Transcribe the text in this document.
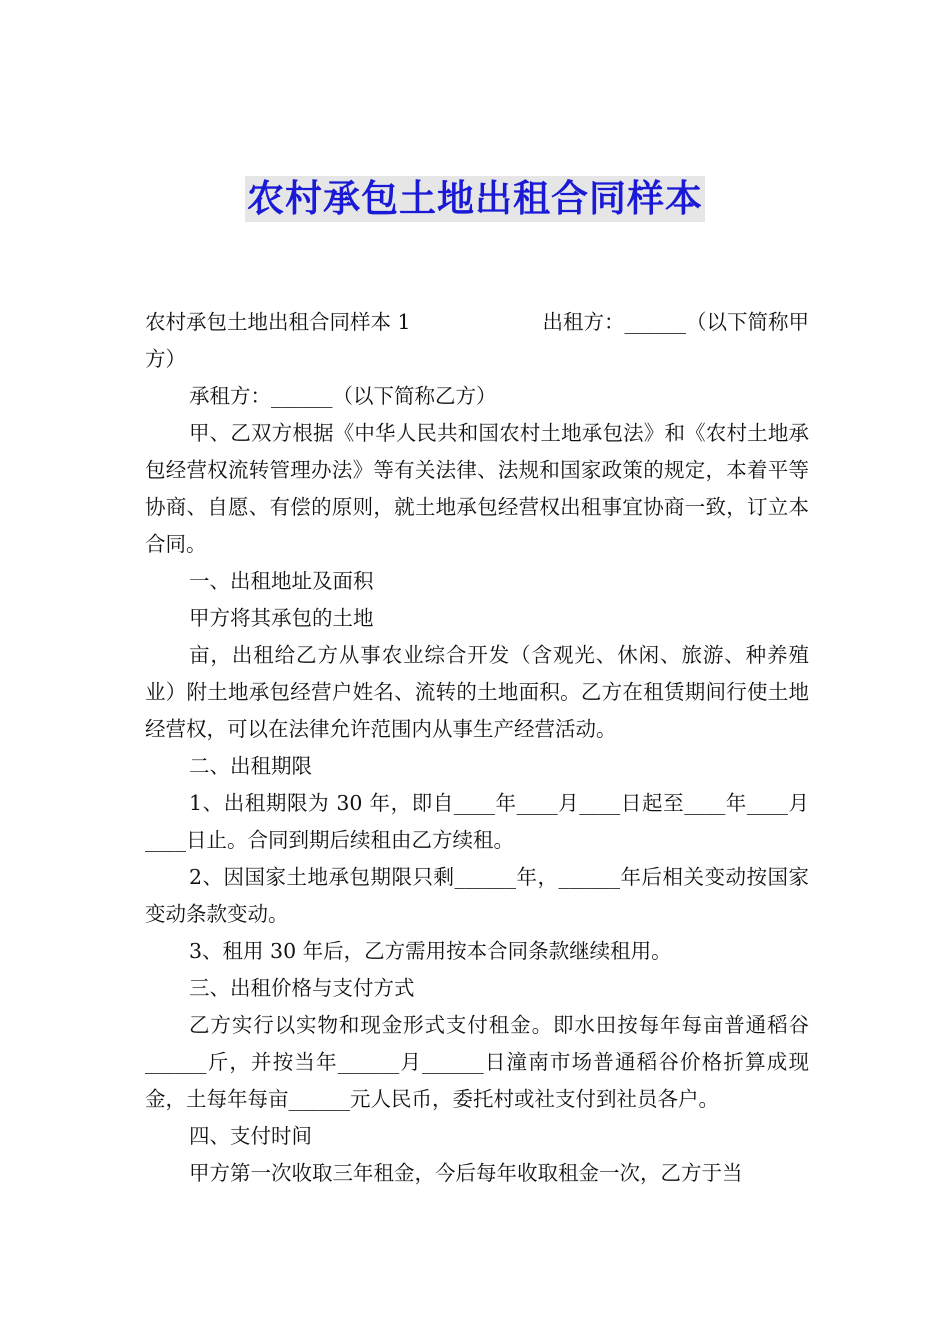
农村承包土地出租合同样本

农村承包土地出租合同样本 1	出租方：______（以下简称甲

方）

承租方：______（以下简称乙方）

甲、乙双方根据《中华人民共和国农村土地承包法》和《农村土地承包经营权流转管理办法》等有关法律、法规和国家政策的规定，本着平等协商、自愿、有偿的原则，就土地承包经营权出租事宜协商一致，订立本合同。

一、出租地址及面积

甲方将其承包的土地

亩，出租给乙方从事农业综合开发（含观光、休闲、旅游、种养殖业）附土地承包经营户姓名、流转的土地面积。乙方在租赁期间行使土地经营权，可以在法律允许范围内从事生产经营活动。

二、出租期限

1、出租期限为 30 年，即自____年____月____日起至____年____月____日止。合同到期后续租由乙方续租。

2、因国家土地承包期限只剩______年，______年后相关变动按国家变动条款变动。

3、租用 30 年后，乙方需用按本合同条款继续租用。

三、出租价格与支付方式

乙方实行以实物和现金形式支付租金。即水田按每年每亩普通稻谷______斤，并按当年______月______日潼南市场普通稻谷价格折算成现金，土每年每亩______元人民币，委托村或社支付到社员各户。

四、支付时间

甲方第一次收取三年租金，今后每年收取租金一次，乙方于当
